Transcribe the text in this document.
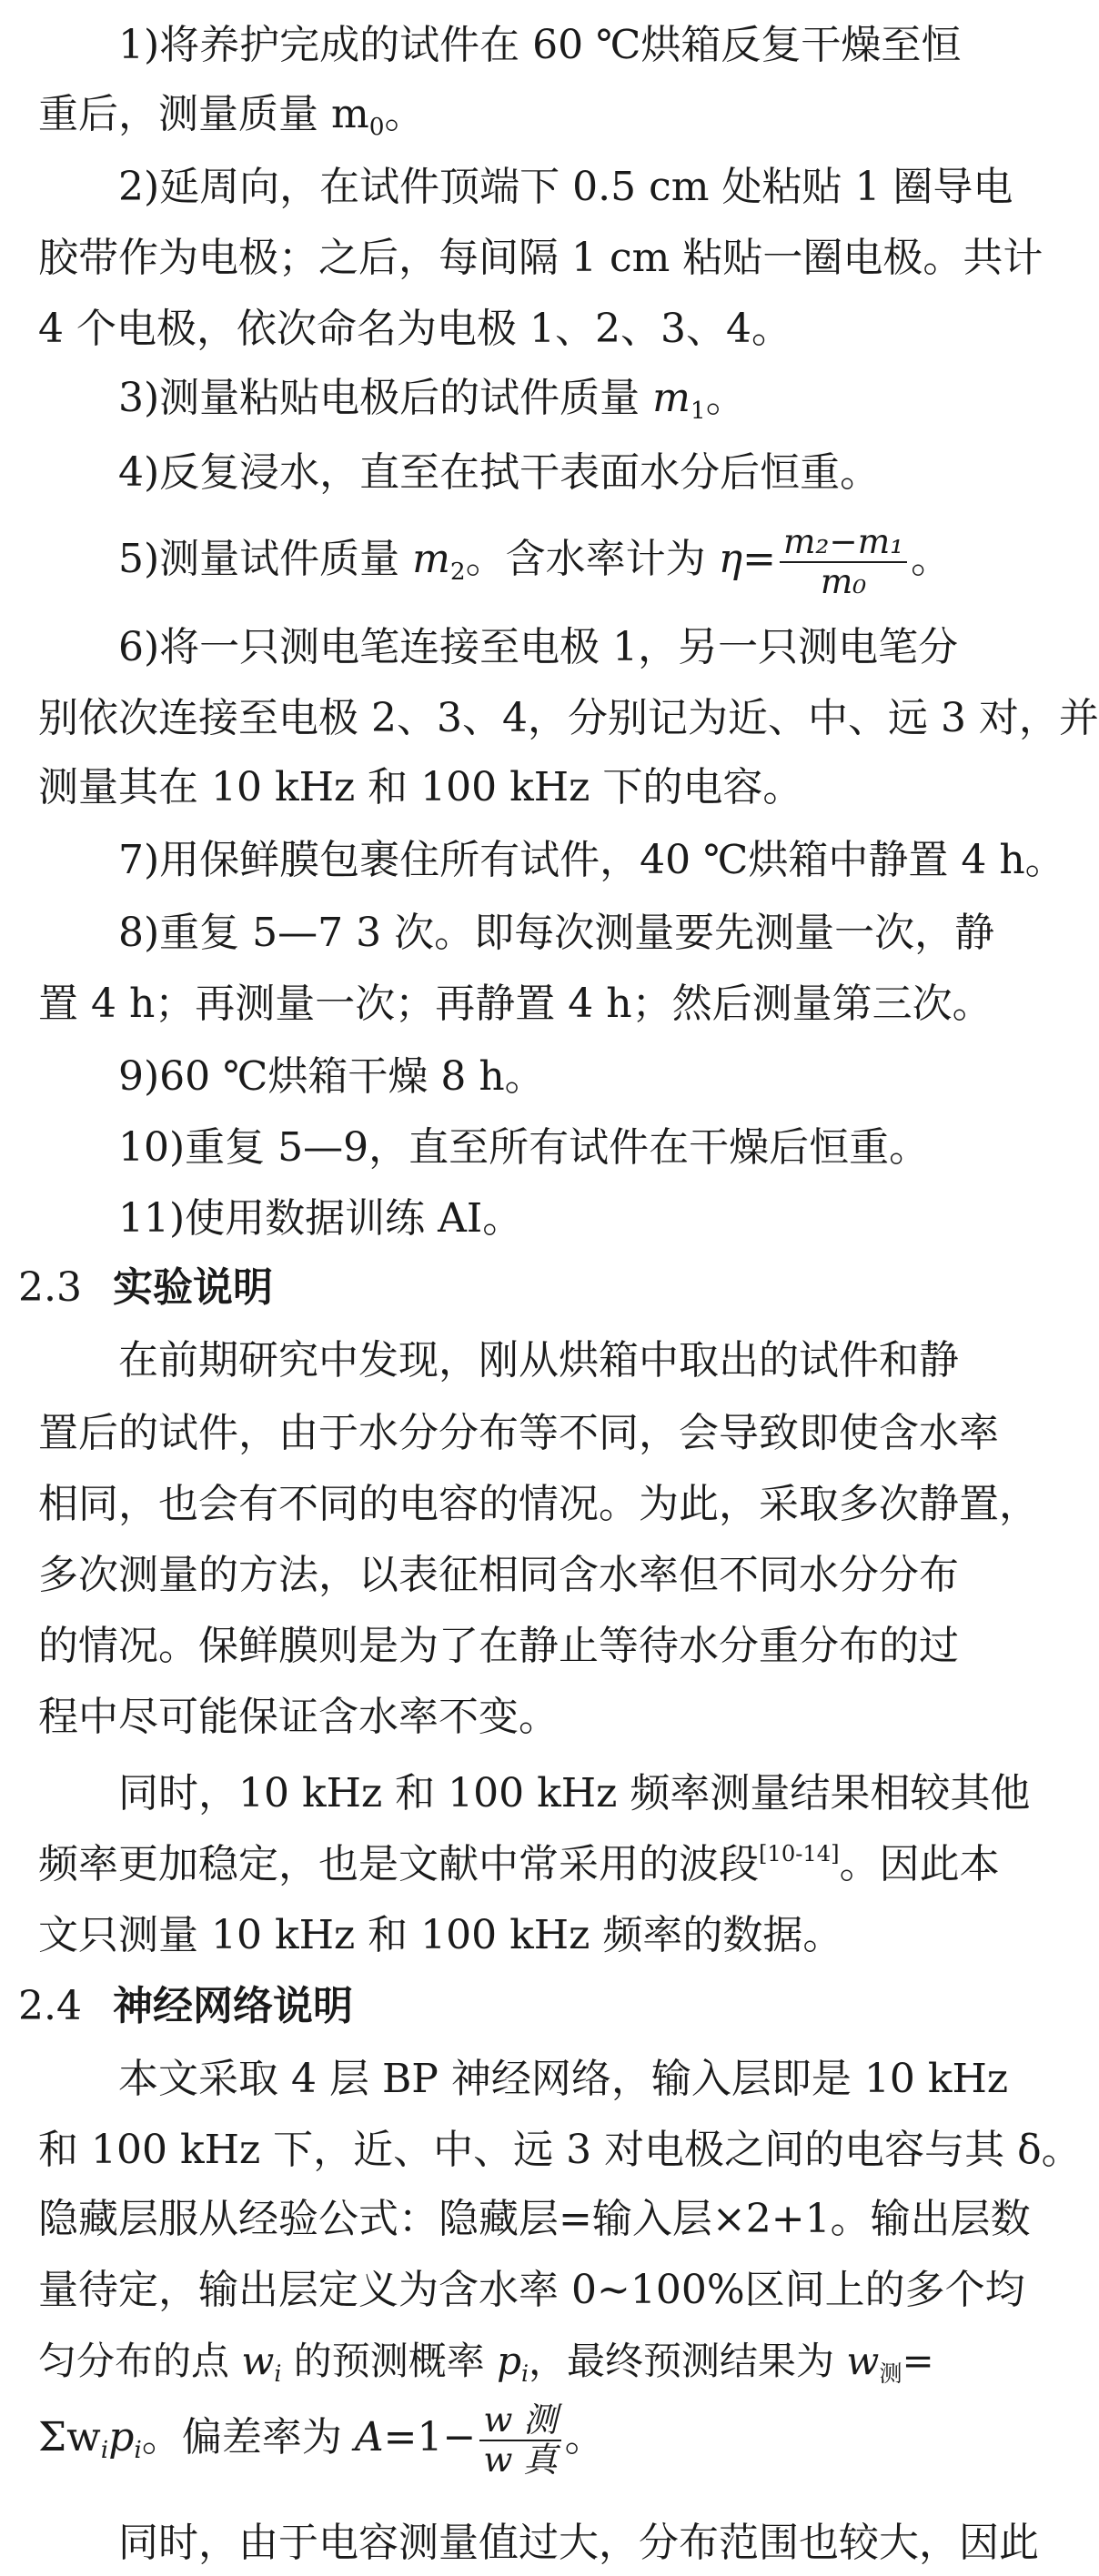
1)将养护完成的试件在 60 ℃烘箱反复干燥至恒
重后，测量质量 m0。
2)延周向，在试件顶端下 0.5 cm 处粘贴 1 圈导电
胶带作为电极；之后，每间隔 1 cm 粘贴一圈电极。共计
4 个电极，依次命名为电极 1、2、3、4。
3)测量粘贴电极后的试件质量 m1。
4)反复浸水，直至在拭干表面水分后恒重。
5)测量试件质量 m2。含水率计为 $\eta= \frac{\text{m₂−m₁}}{\text{m₀}}$ 。
6)将一只测电笔连接至电极 1，另一只测电笔分
别依次连接至电极 2、3、4，分别记为近、中、远 3 对，并
测量其在 10 kHz 和 100 kHz 下的电容。
7)用保鲜膜包裹住所有试件，40 ℃烘箱中静置 4 h。
8)重复 5—7 3 次。即每次测量要先测量一次，静
置 4 h；再测量一次；再静置 4 h；然后测量第三次。
9)60 ℃烘箱干燥 8 h。
10)重复 5—9，直至所有试件在干燥后恒重。
11)使用数据训练 AI。
2.3 实验说明
在前期研究中发现，刚从烘箱中取出的试件和静
置后的试件，由于水分分布等不同，会导致即使含水率
相同，也会有不同的电容的情况。为此，采取多次静置，
多次测量的方法，以表征相同含水率但不同水分分布
的情况。保鲜膜则是为了在静止等待水分重分布的过
程中尽可能保证含水率不变。
同时，10 kHz 和 100 kHz 频率测量结果相较其他
频率更加稳定，也是文献中常采用的波段[10-14]。因此本
文只测量 10 kHz 和 100 kHz 频率的数据。
2.4 神经网络说明
本文采取 4 层 BP 神经网络，输入层即是 10 kHz
和 100 kHz 下，近、中、远 3 对电极之间的电容与其 δ。
隐藏层服从经验公式：隐藏层=输入层×2+1。输出层数
量待定，输出层定义为含水率 0~100%区间上的多个均
匀分布的点 wi 的预测概率 pi，最终预测结果为 w测=
Σwipi。偏差率为 $A=1- \frac{\text{w 测}}{\text{w 真}}$ 。
同时，由于电容测量值过大，分布范围也较大，因此
